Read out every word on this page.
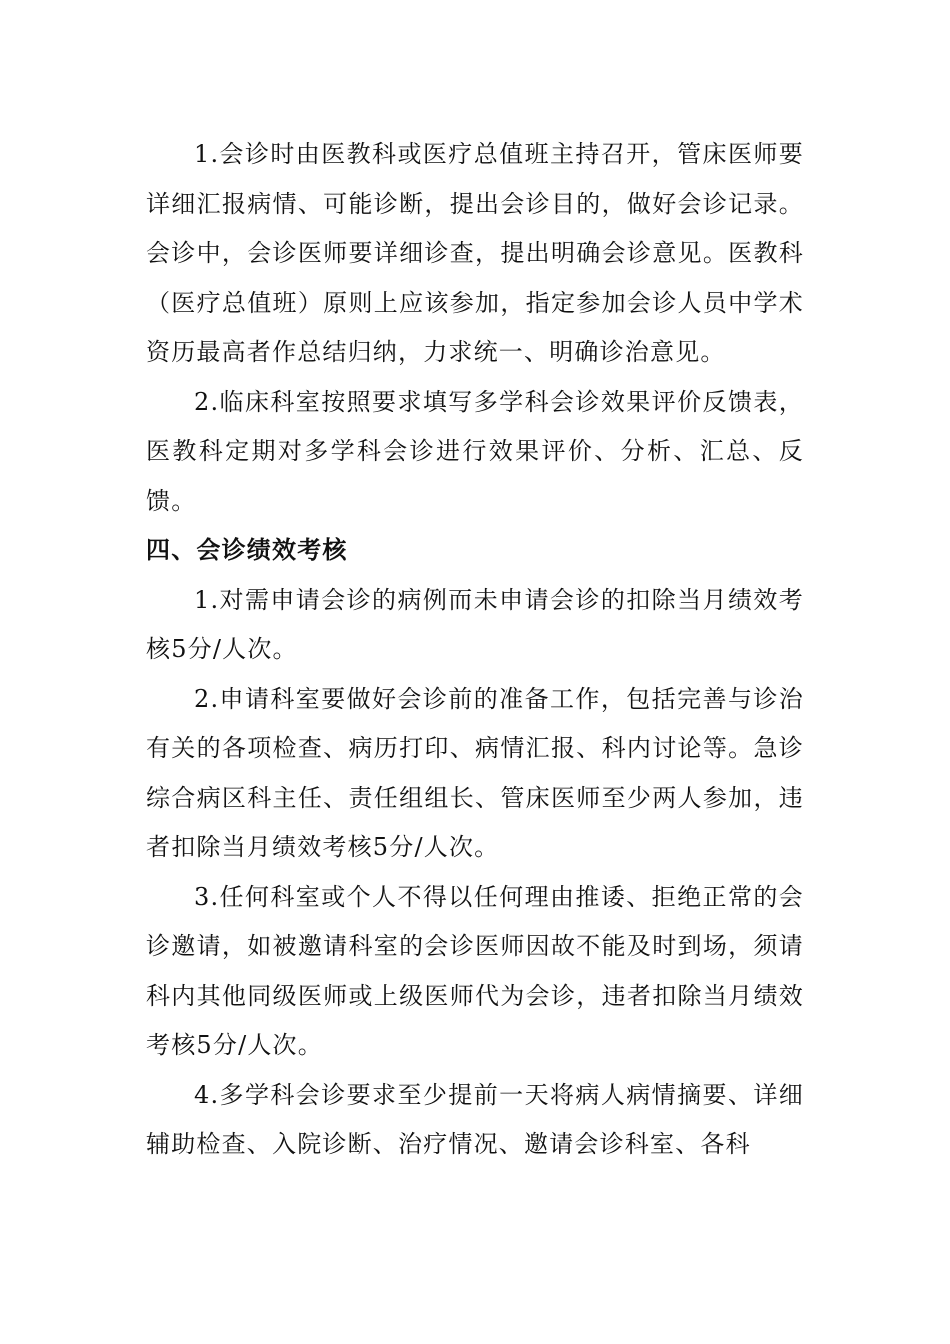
1.会诊时由医教科或医疗总值班主持召开，管床医师要详细汇报病情、可能诊断，提出会诊目的，做好会诊记录。会诊中，会诊医师要详细诊查，提出明确会诊意见。医教科（医疗总值班）原则上应该参加，指定参加会诊人员中学术资历最高者作总结归纳，力求统一、明确诊治意见。

2.临床科室按照要求填写多学科会诊效果评价反馈表，医教科定期对多学科会诊进行效果评价、分析、汇总、反馈。

四、会诊绩效考核

1.对需申请会诊的病例而未申请会诊的扣除当月绩效考核5分/人次。

2.申请科室要做好会诊前的准备工作，包括完善与诊治有关的各项检查、病历打印、病情汇报、科内讨论等。急诊综合病区科主任、责任组组长、管床医师至少两人参加，违者扣除当月绩效考核5分/人次。

3.任何科室或个人不得以任何理由推诿、拒绝正常的会诊邀请，如被邀请科室的会诊医师因故不能及时到场，须请科内其他同级医师或上级医师代为会诊，违者扣除当月绩效考核5分/人次。

4.多学科会诊要求至少提前一天将病人病情摘要、详细辅助检查、入院诊断、治疗情况、邀请会诊科室、各科
